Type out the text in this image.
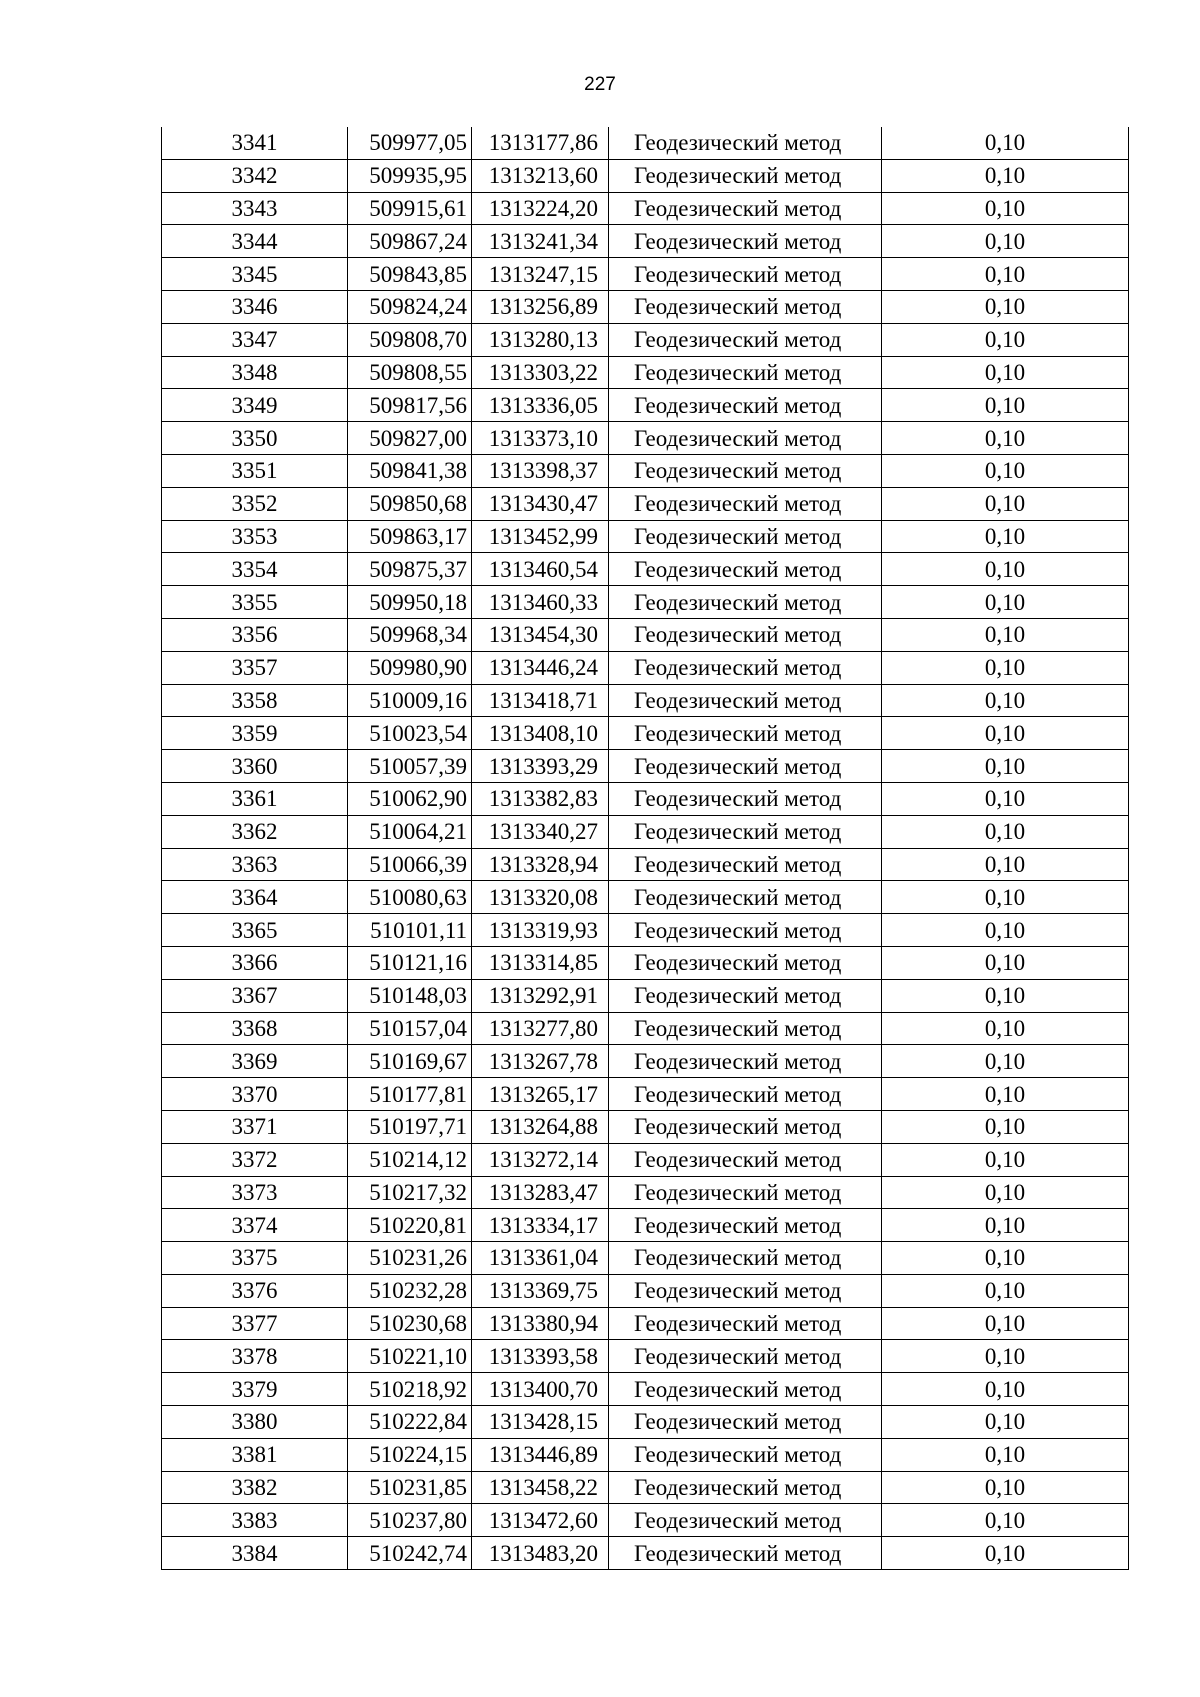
227
3341	509977,05	1313177,86	Геодезический метод	0,10
3342	509935,95	1313213,60	Геодезический метод	0,10
3343	509915,61	1313224,20	Геодезический метод	0,10
3344	509867,24	1313241,34	Геодезический метод	0,10
3345	509843,85	1313247,15	Геодезический метод	0,10
3346	509824,24	1313256,89	Геодезический метод	0,10
3347	509808,70	1313280,13	Геодезический метод	0,10
3348	509808,55	1313303,22	Геодезический метод	0,10
3349	509817,56	1313336,05	Геодезический метод	0,10
3350	509827,00	1313373,10	Геодезический метод	0,10
3351	509841,38	1313398,37	Геодезический метод	0,10
3352	509850,68	1313430,47	Геодезический метод	0,10
3353	509863,17	1313452,99	Геодезический метод	0,10
3354	509875,37	1313460,54	Геодезический метод	0,10
3355	509950,18	1313460,33	Геодезический метод	0,10
3356	509968,34	1313454,30	Геодезический метод	0,10
3357	509980,90	1313446,24	Геодезический метод	0,10
3358	510009,16	1313418,71	Геодезический метод	0,10
3359	510023,54	1313408,10	Геодезический метод	0,10
3360	510057,39	1313393,29	Геодезический метод	0,10
3361	510062,90	1313382,83	Геодезический метод	0,10
3362	510064,21	1313340,27	Геодезический метод	0,10
3363	510066,39	1313328,94	Геодезический метод	0,10
3364	510080,63	1313320,08	Геодезический метод	0,10
3365	510101,11	1313319,93	Геодезический метод	0,10
3366	510121,16	1313314,85	Геодезический метод	0,10
3367	510148,03	1313292,91	Геодезический метод	0,10
3368	510157,04	1313277,80	Геодезический метод	0,10
3369	510169,67	1313267,78	Геодезический метод	0,10
3370	510177,81	1313265,17	Геодезический метод	0,10
3371	510197,71	1313264,88	Геодезический метод	0,10
3372	510214,12	1313272,14	Геодезический метод	0,10
3373	510217,32	1313283,47	Геодезический метод	0,10
3374	510220,81	1313334,17	Геодезический метод	0,10
3375	510231,26	1313361,04	Геодезический метод	0,10
3376	510232,28	1313369,75	Геодезический метод	0,10
3377	510230,68	1313380,94	Геодезический метод	0,10
3378	510221,10	1313393,58	Геодезический метод	0,10
3379	510218,92	1313400,70	Геодезический метод	0,10
3380	510222,84	1313428,15	Геодезический метод	0,10
3381	510224,15	1313446,89	Геодезический метод	0,10
3382	510231,85	1313458,22	Геодезический метод	0,10
3383	510237,80	1313472,60	Геодезический метод	0,10
3384	510242,74	1313483,20	Геодезический метод	0,10
